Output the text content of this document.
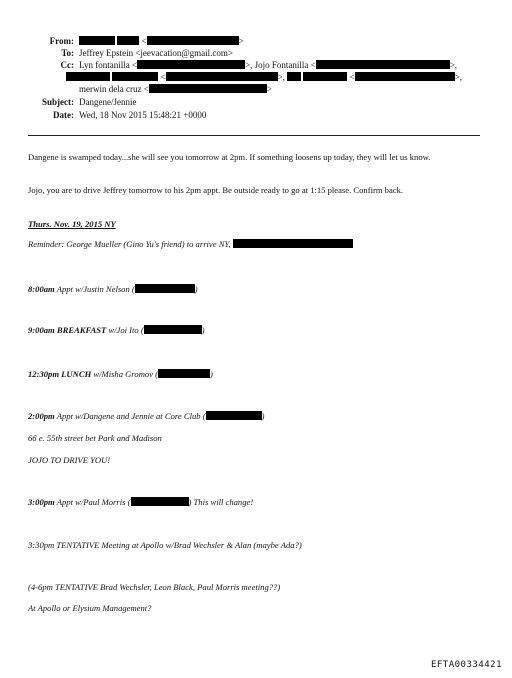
From:	<	>
To: Jeffrey Epstein <jeevacation@gmail.com>
Cc: Lyn fontanilla <	>, Jojo Fontanilla <	>,
<	>,	<	>,
merwin dela cruz <	>
Subject: Dangene/Jennie
Date: Wed, 18 Nov 2015 15:48:21 +0000
Dangene is swamped today...she will see you tomorrow at 2pm. If something loosens up today, they will let us know.
Jojo, you are to drive Jeffrey tomorrow to his 2pm appt. Be outside ready to go at 1:15 please. Confirm back.
Thurs. Nov. 19, 2015 NY
Reminder: George Mueller (Gino Yu's friend) to arrive NY,
8:00am Appt w/Justin Nelson (	)
9:00am BREAKFAST w/Joi Ito (	)
12:30pm LUNCH w/Misha Gromov (	)
2:00pm Appt w/Dangene and Jennie at Core Club (	)
66 e. 55th street bet Park and Madison
JOJO TO DRIVE YOU!
3:00pm Appt w/Paul Morris (	) This will change!
3:30pm TENTATIVE Meeting at Apollo w/Brad Wechsler & Alan (maybe Ada?)
(4-6pm TENTATIVE Brad Wechsler, Leon Black, Paul Morris meeting??)
At Apollo or Elysium Management?
EFTA00334421
